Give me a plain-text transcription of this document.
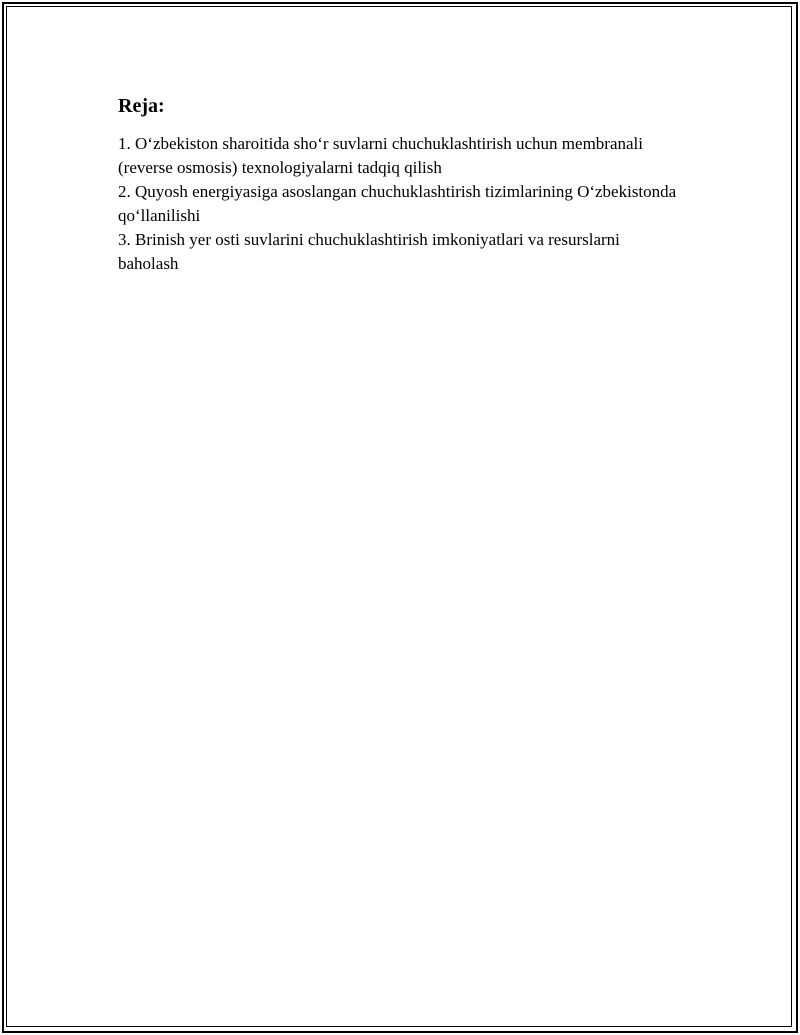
Reja:
1. O‘zbekiston sharoitida sho‘r suvlarni chuchuklashtirish uchun membranali (reverse osmosis) texnologiyalarni tadqiq qilish
2. Quyosh energiyasiga asoslangan chuchuklashtirish tizimlarining O‘zbekistonda qo‘llanilishi
3. Brinish yer osti suvlarini chuchuklashtirish imkoniyatlari va resurslarni baholash
